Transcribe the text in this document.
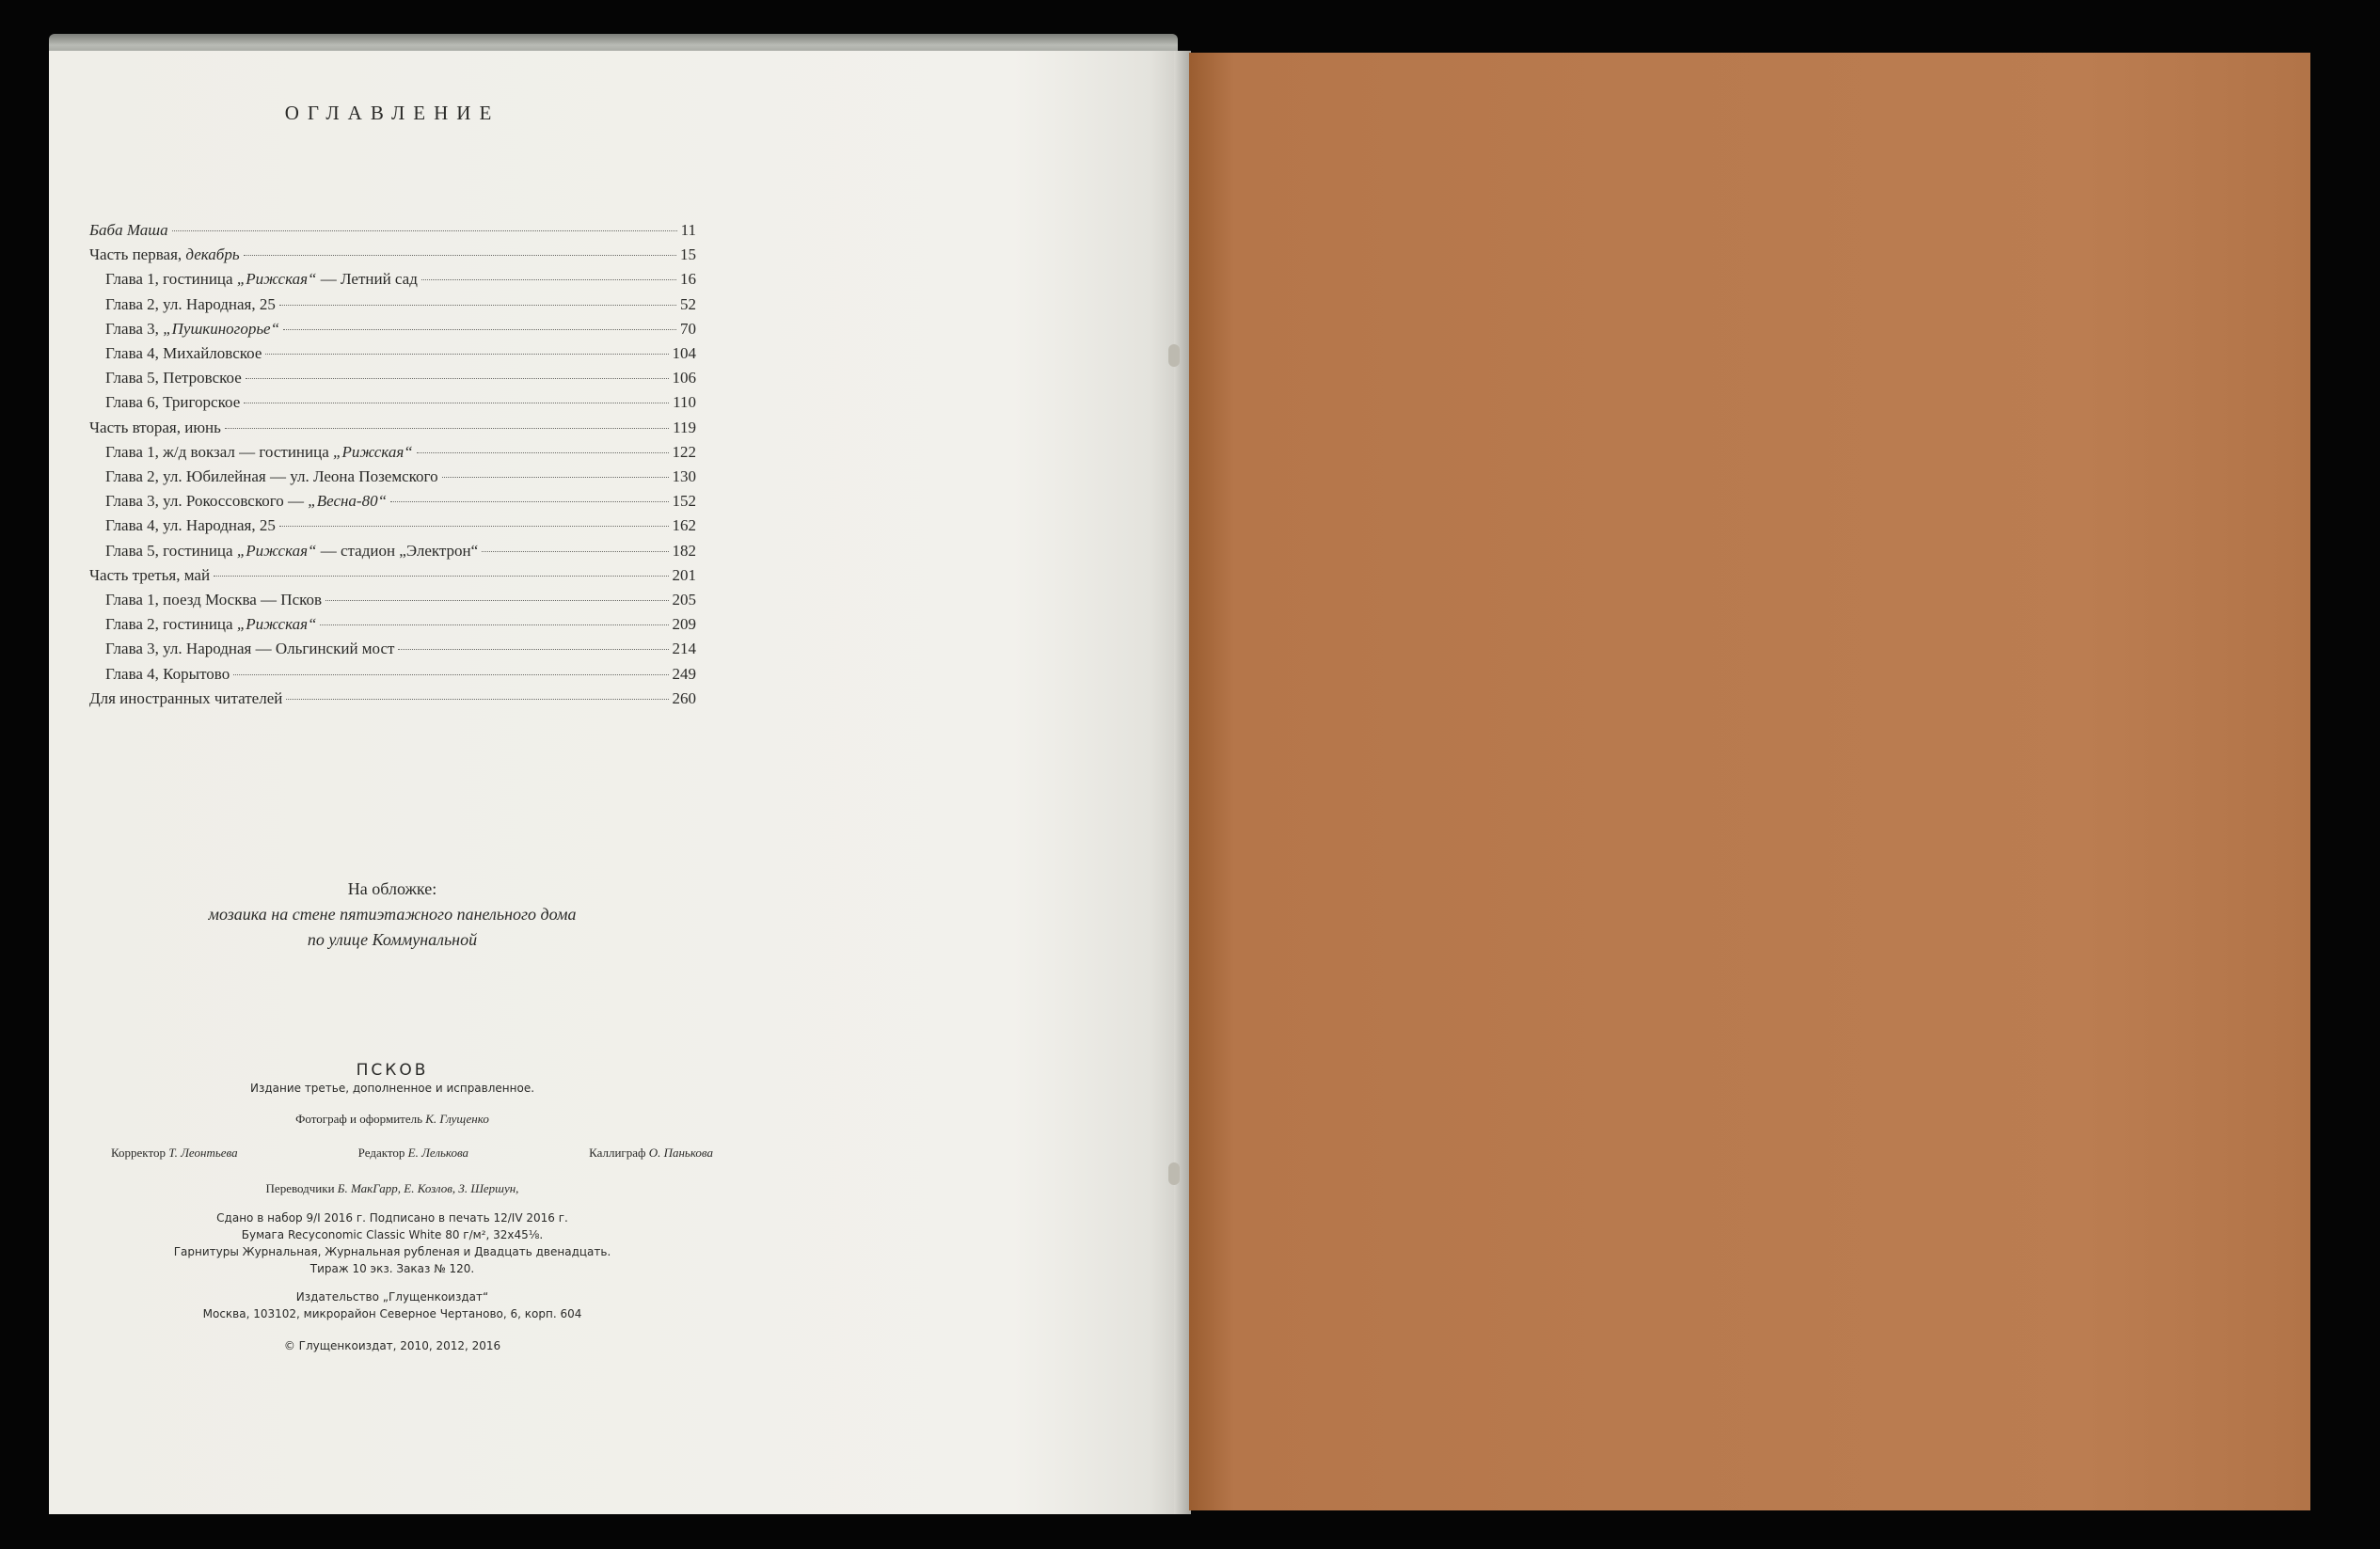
ОГЛАВЛЕНИЕ
Баба Маша	11
Часть первая, декабрь	15
Глава 1, гостиница „Рижская“ — Летний сад	16
Глава 2, ул. Народная, 25	52
Глава 3, „Пушкиногорье“	70
Глава 4, Михайловское	104
Глава 5, Петровское	106
Глава 6, Тригорское	110
Часть вторая, июнь	119
Глава 1, ж/д вокзал — гостиница „Рижская“	122
Глава 2, ул. Юбилейная — ул. Леона Поземского	130
Глава 3, ул. Рокоссовского — „Весна-80“	152
Глава 4, ул. Народная, 25	162
Глава 5, гостиница „Рижская“ — стадион „Электрон“	182
Часть третья, май	201
Глава 1, поезд Москва — Псков	205
Глава 2, гостиница „Рижская“	209
Глава 3, ул. Народная — Ольгинский мост	214
Глава 4, Корытово	249
Для иностранных читателей	260
На обложке:
мозаика на стене пятиэтажного панельного дома
по улице Коммунальной
ПСКОВ
Издание третье, дополненное и исправленное.
Фотограф и оформитель К. Глущенко
Корректор Т. Леонтьева	Редактор Е. Лелькова	Каллиграф О. Панькова
Переводчики Б. МакГарр, Е. Козлов, З. Шершун,
Сдано в набор 9/I 2016 г. Подписано в печать 12/IV 2016 г.
Бумага Recyconomic Classic White 80 г/м², 32x45⅛.
Гарнитуры Журнальная, Журнальная рубленая и Двадцать двенадцать.
Тираж 10 экз. Заказ № 120.
Издательство „Глущенкоиздат“
Москва, 103102, микрорайон Северное Чертаново, 6, корп. 604
© Глущенкоиздат, 2010, 2012, 2016
